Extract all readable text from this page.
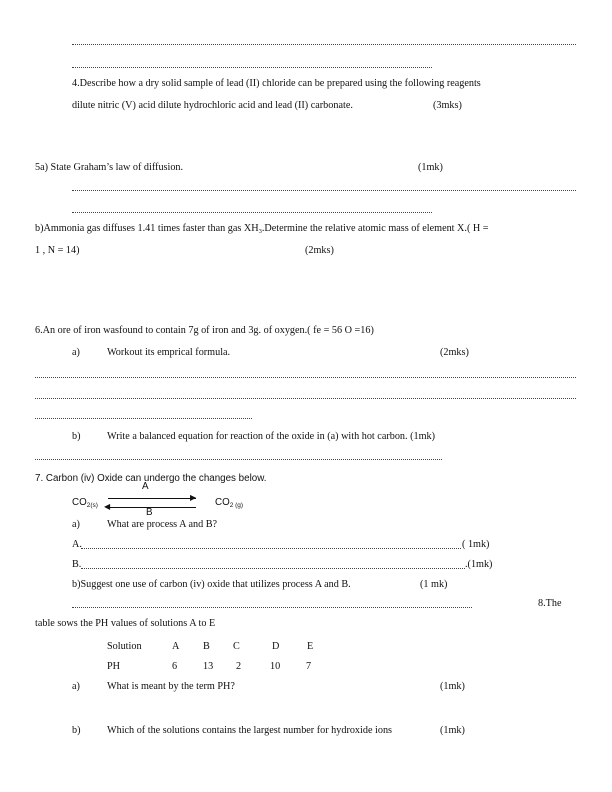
4.Describe how a dry solid sample of lead (II) chloride can be prepared using the following reagents
dilute nitric (V) acid dilute hydrochloric acid and lead (II) carbonate.	(3mks)
5a) State Graham’s law of diffusion.	(1mk)
b)Ammonia gas diffuses 1.41 times faster than gas $XH_3.Determine$ the relative atomic mass of element X.( H =
1 , N = 14)	(2mks)
6.An ore of iron wasfound to contain 7g of iron and 3g. of oxygen.( fe = 56 O =16)
a)	Workout its emprical formula.	(2mks)
b)	Write a balanced equation for reaction of the oxide in (a) with hot carbon. (1mk)
7. Carbon (iv) Oxide can undergo the changes below.
$CO_{2(s)}$
A
▶
◀
B
$CO_{2 (g)}$
a)	What are process A and B?
A.	( 1mk)
B.	.(1mk)
b)Suggest one use of carbon (iv) oxide that utilizes process A and B.	(1 mk)
8.The
table sows the PH values of solutions A to E
Solution	A B C	D	E
PH	6	13 2	10	7
a)	What is meant by the term PH?	(1mk)
b)	Which of the solutions contains the largest number for hydroxide ions	(1mk)
